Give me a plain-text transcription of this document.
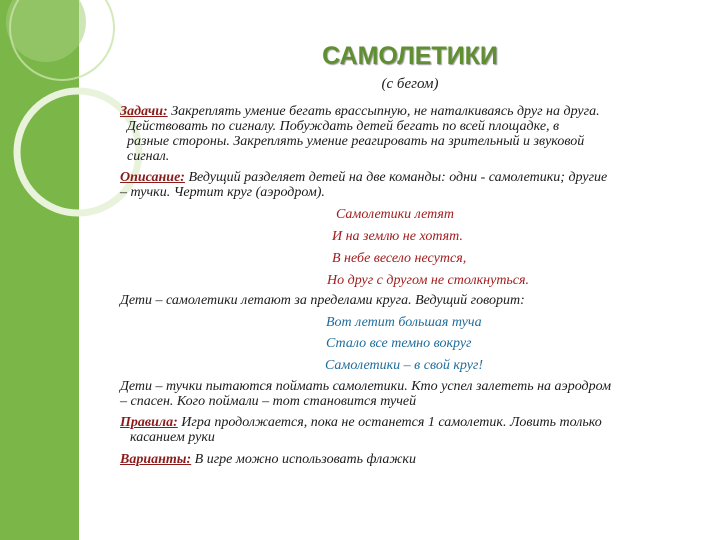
САМОЛЕТИКИ
(с бегом)
Задачи: Закреплять умение бегать врассыпную, не наталкиваясь друг на друга.
Действовать по сигналу. Побуждать детей бегать по всей площадке, в
разные стороны. Закреплять умение реагировать на зрительный и звуковой
сигнал.
Описание: Ведущий разделяет детей на две команды: одни - самолетики; другие
– тучки. Чертит круг (аэродром).
Самолетики летят
И на землю не хотят.
В небе весело несутся,
Но друг с другом не столкнуться.
Дети – самолетики летают за пределами круга. Ведущий говорит:
Вот летит большая туча
Стало все темно вокруг
Самолетики – в свой круг!
Дети – тучки пытаются поймать самолетики. Кто успел залететь на аэродром
– спасен. Кого поймали – тот становится тучей
Правила: Игра продолжается, пока не останется 1 самолетик. Ловить только
касанием руки
Варианты: В игре можно использовать флажки
